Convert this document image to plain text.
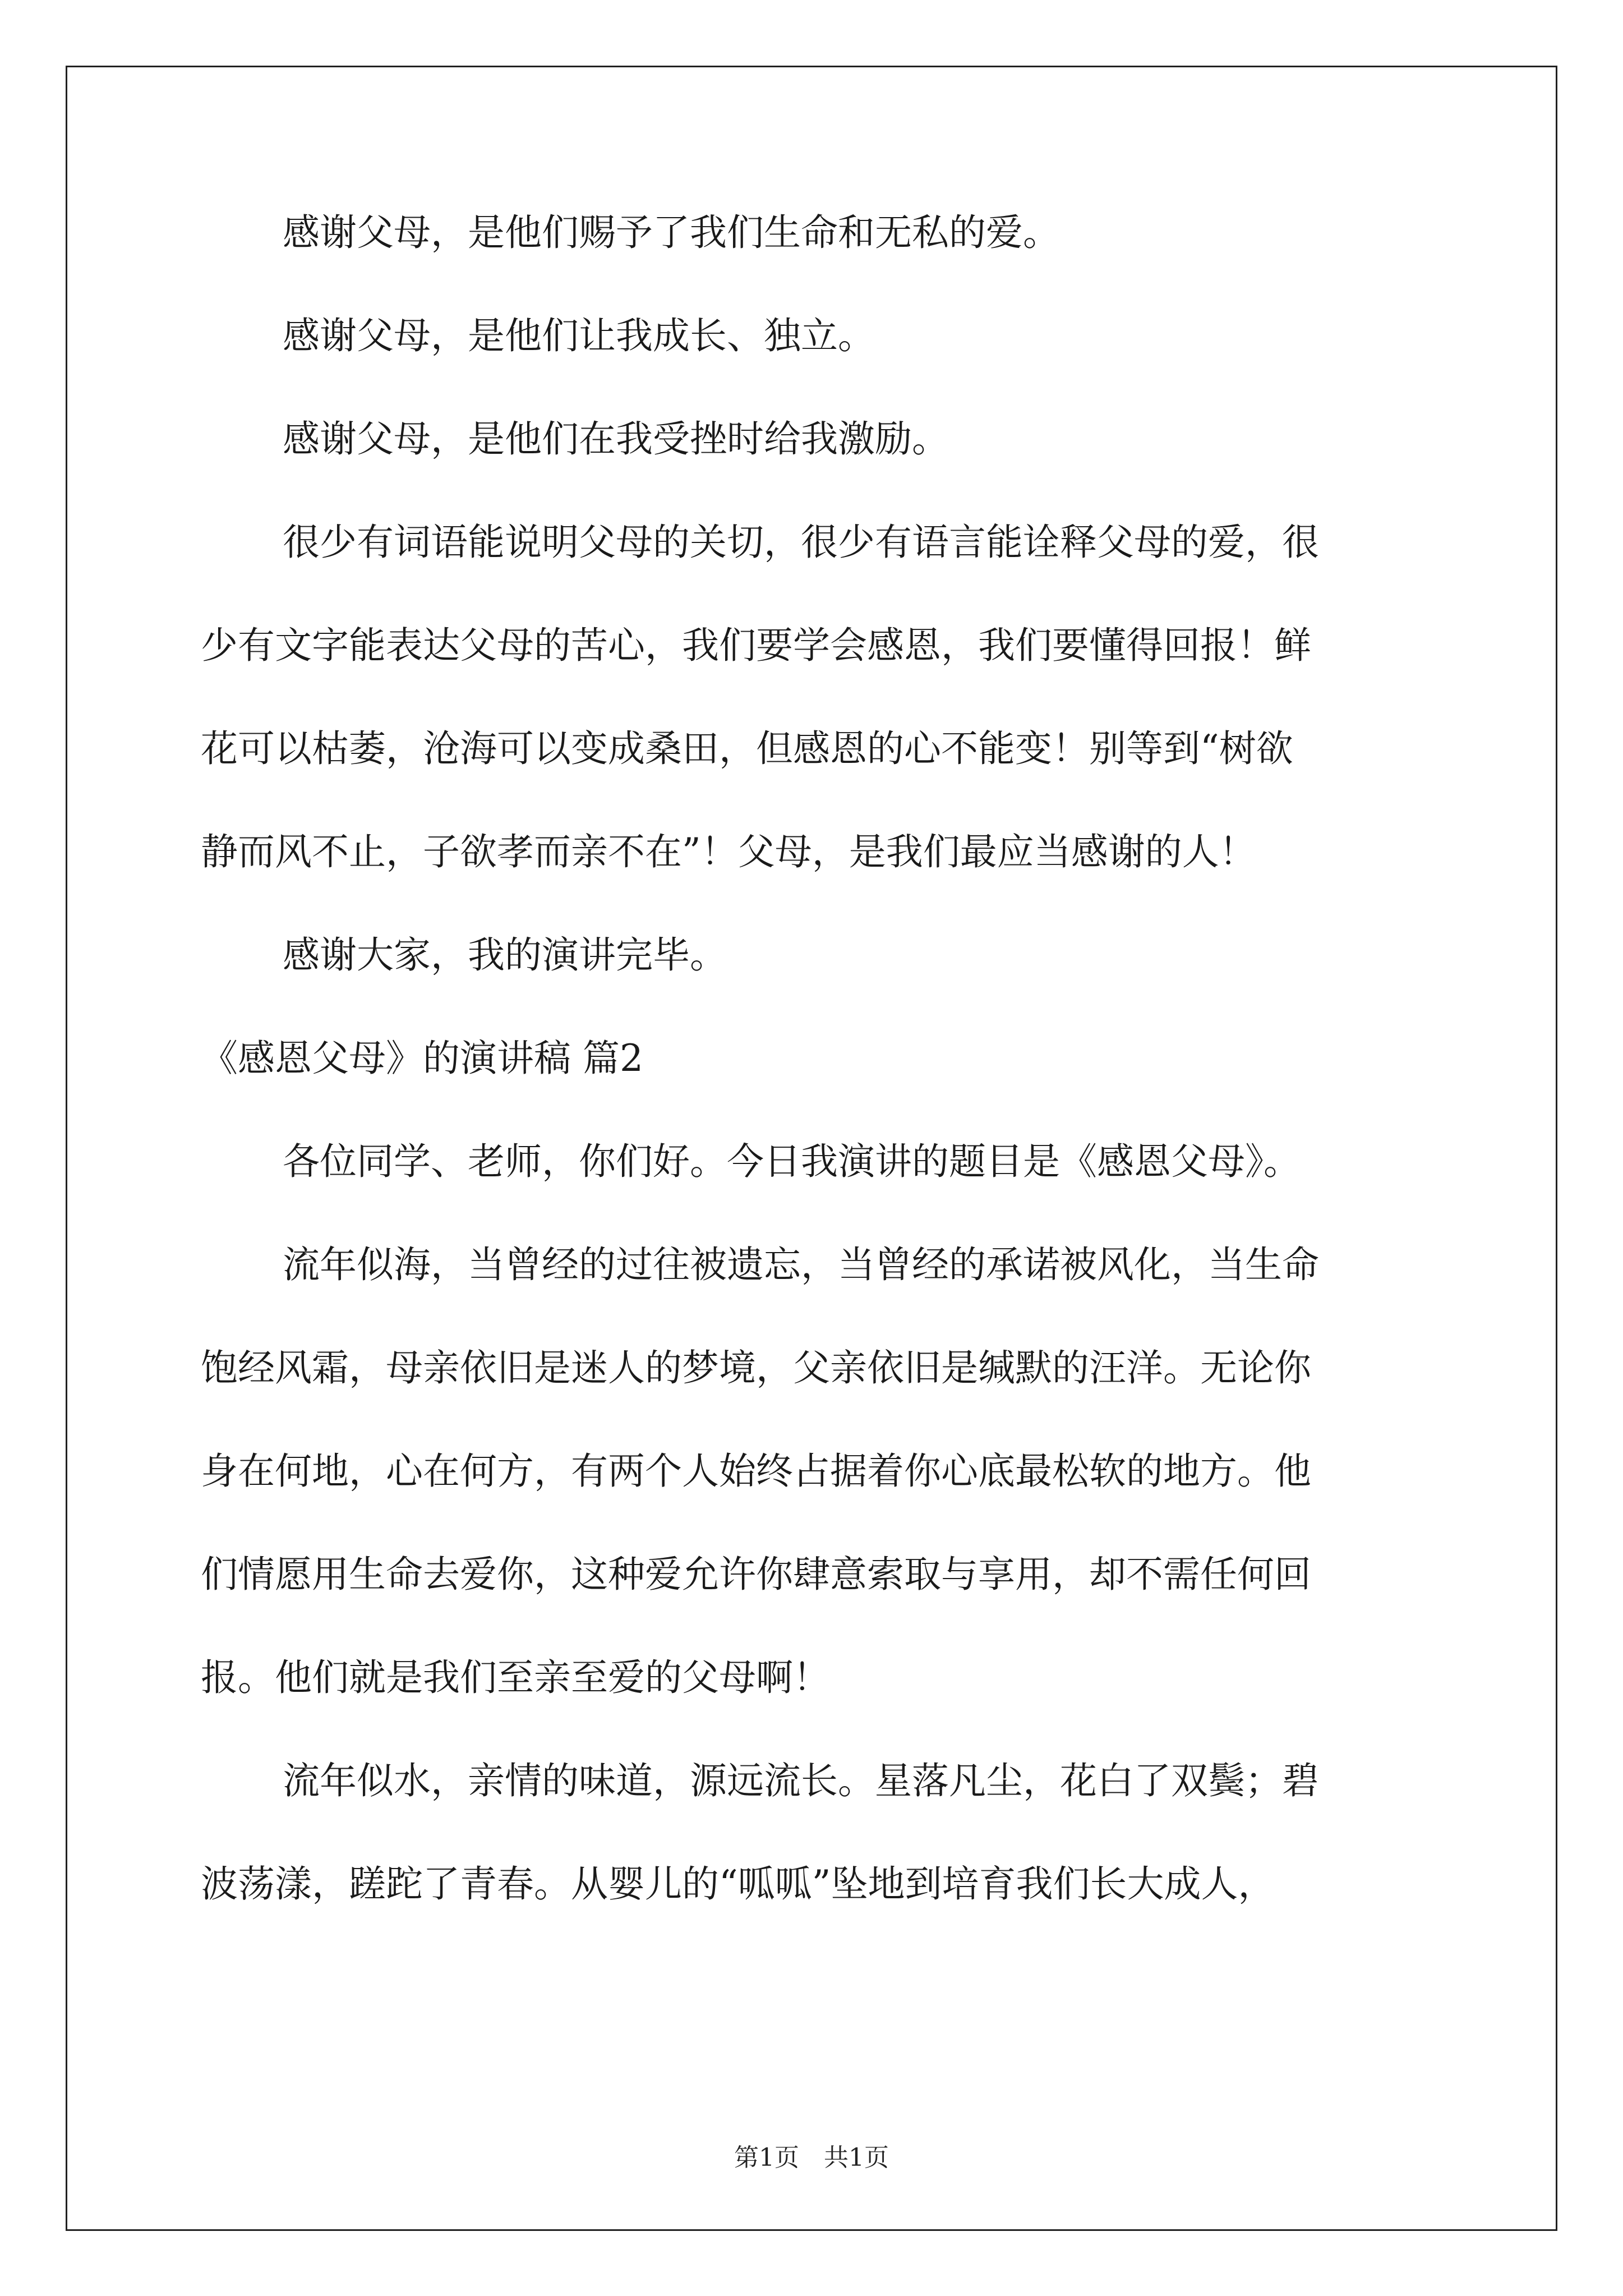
感谢父母，是他们赐予了我们生命和无私的爱。
感谢父母，是他们让我成长、独立。
感谢父母，是他们在我受挫时给我激励。
很少有词语能说明父母的关切，很少有语言能诠释父母的爱，很
少有文字能表达父母的苦心，我们要学会感恩，我们要懂得回报！鲜
花可以枯萎，沧海可以变成桑田，但感恩的心不能变！别等到“树欲
静而风不止，子欲孝而亲不在”！父母，是我们最应当感谢的人！
感谢大家，我的演讲完毕。
《感恩父母》的演讲稿 篇2
各位同学、老师，你们好。今日我演讲的题目是《感恩父母》。
流年似海，当曾经的过往被遗忘，当曾经的承诺被风化，当生命
饱经风霜，母亲依旧是迷人的梦境，父亲依旧是缄默的汪洋。无论你
身在何地，心在何方，有两个人始终占据着你心底最松软的地方。他
们情愿用生命去爱你，这种爱允许你肆意索取与享用，却不需任何回
报。他们就是我们至亲至爱的父母啊！
流年似水，亲情的味道，源远流长。星落凡尘，花白了双鬓；碧
波荡漾，蹉跎了青春。从婴儿的“呱呱”坠地到培育我们长大成人，
第1页　共1页
